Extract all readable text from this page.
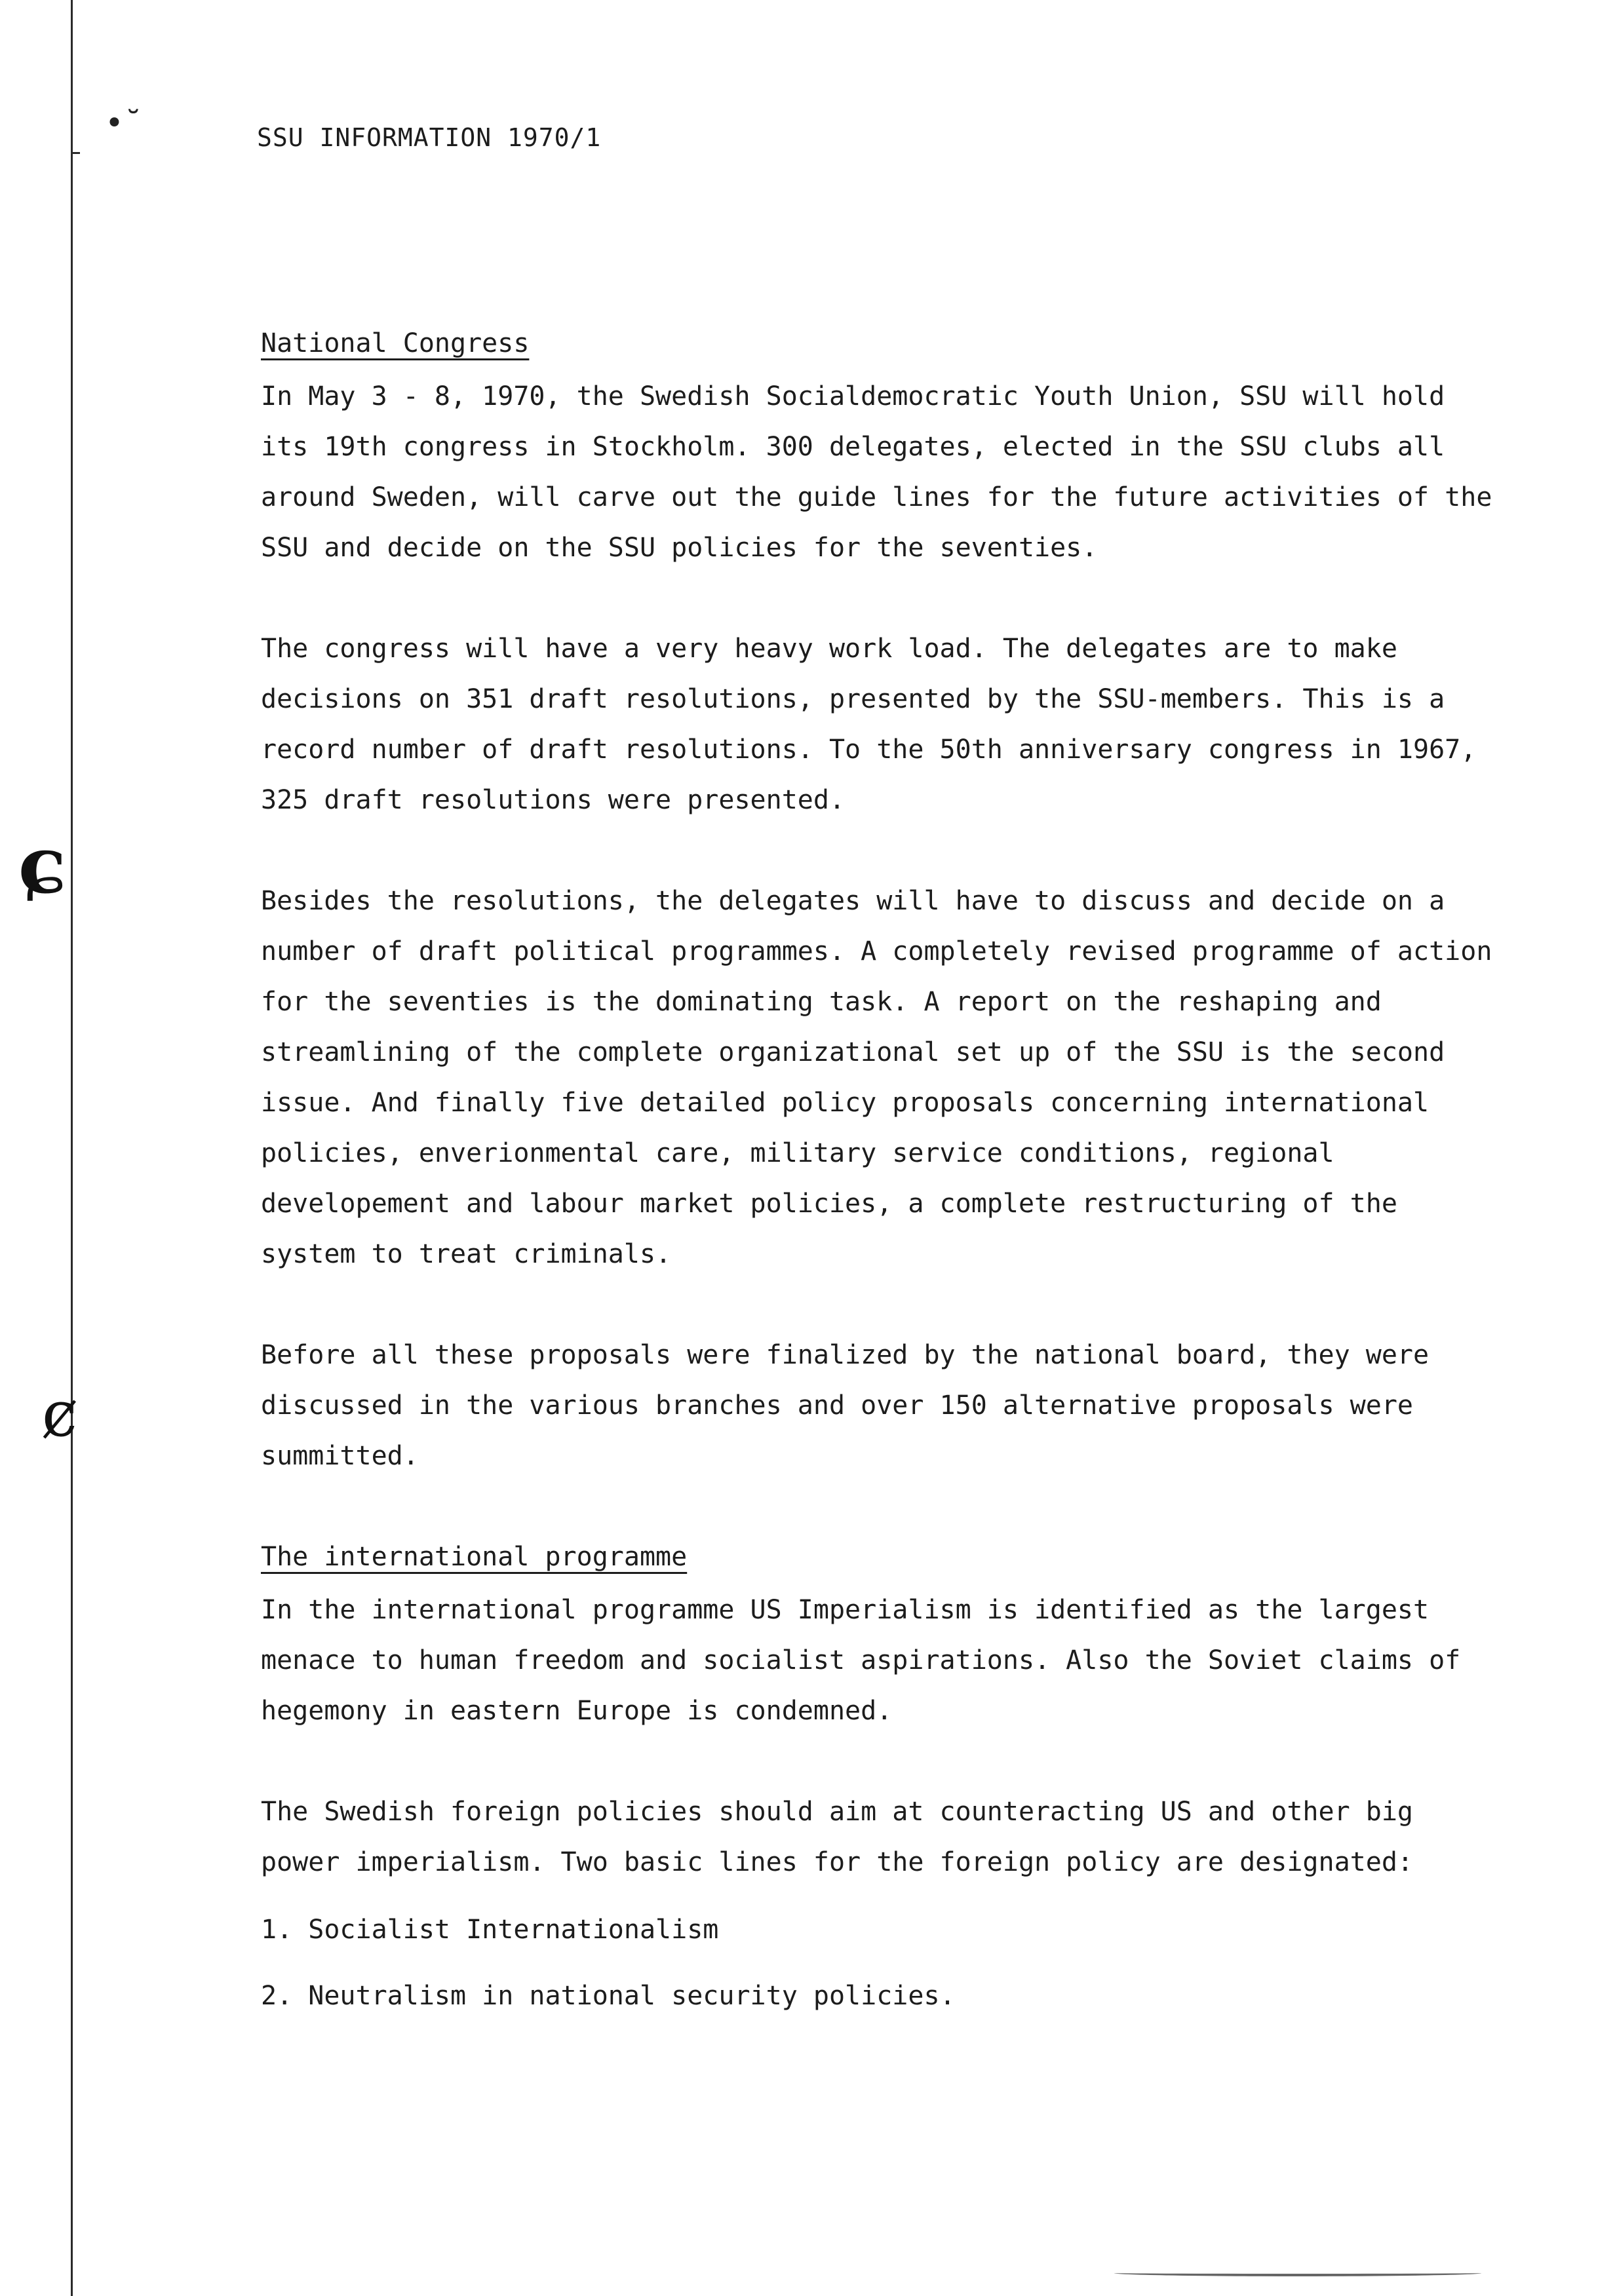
•˘
ɕ
ȼ
SSU INFORMATION 1970/1
National Congress

In May 3 - 8, 1970, the Swedish Socialdemocratic Youth Union, SSU will hold its 19th congress in Stockholm. 300 delegates, elected in the SSU clubs all around Sweden, will carve out the guide lines for the future activities of the SSU and decide on the SSU policies for the seventies.

The congress will have a very heavy work load. The delegates are to make decisions on 351 draft resolutions, presented by the SSU-members. This is a record number of draft resolutions. To the 50th anniversary congress in 1967, 325 draft resolutions were presented.

Besides the resolutions, the delegates will have to discuss and decide on a number of draft political programmes. A completely revised programme of action for the seventies is the dominating task. A report on the reshaping and streamlining of the complete organizational set up of the SSU is the second issue. And finally five detailed policy proposals concerning international policies, enverionmental care, military service conditions, regional developement and labour market policies, a complete restructuring of the system to treat criminals.

Before all these proposals were finalized by the national board, they were discussed in the various branches and over 150 alternative proposals were summitted.

The international programme

In the international programme US Imperialism is identified as the largest menace to human freedom and socialist aspirations. Also the Soviet claims of hegemony in eastern Europe is condemned.

The Swedish foreign policies should aim at counteracting US and other big power imperialism. Two basic lines for the foreign policy are designated:

1. Socialist Internationalism
2. Neutralism in national security policies.
